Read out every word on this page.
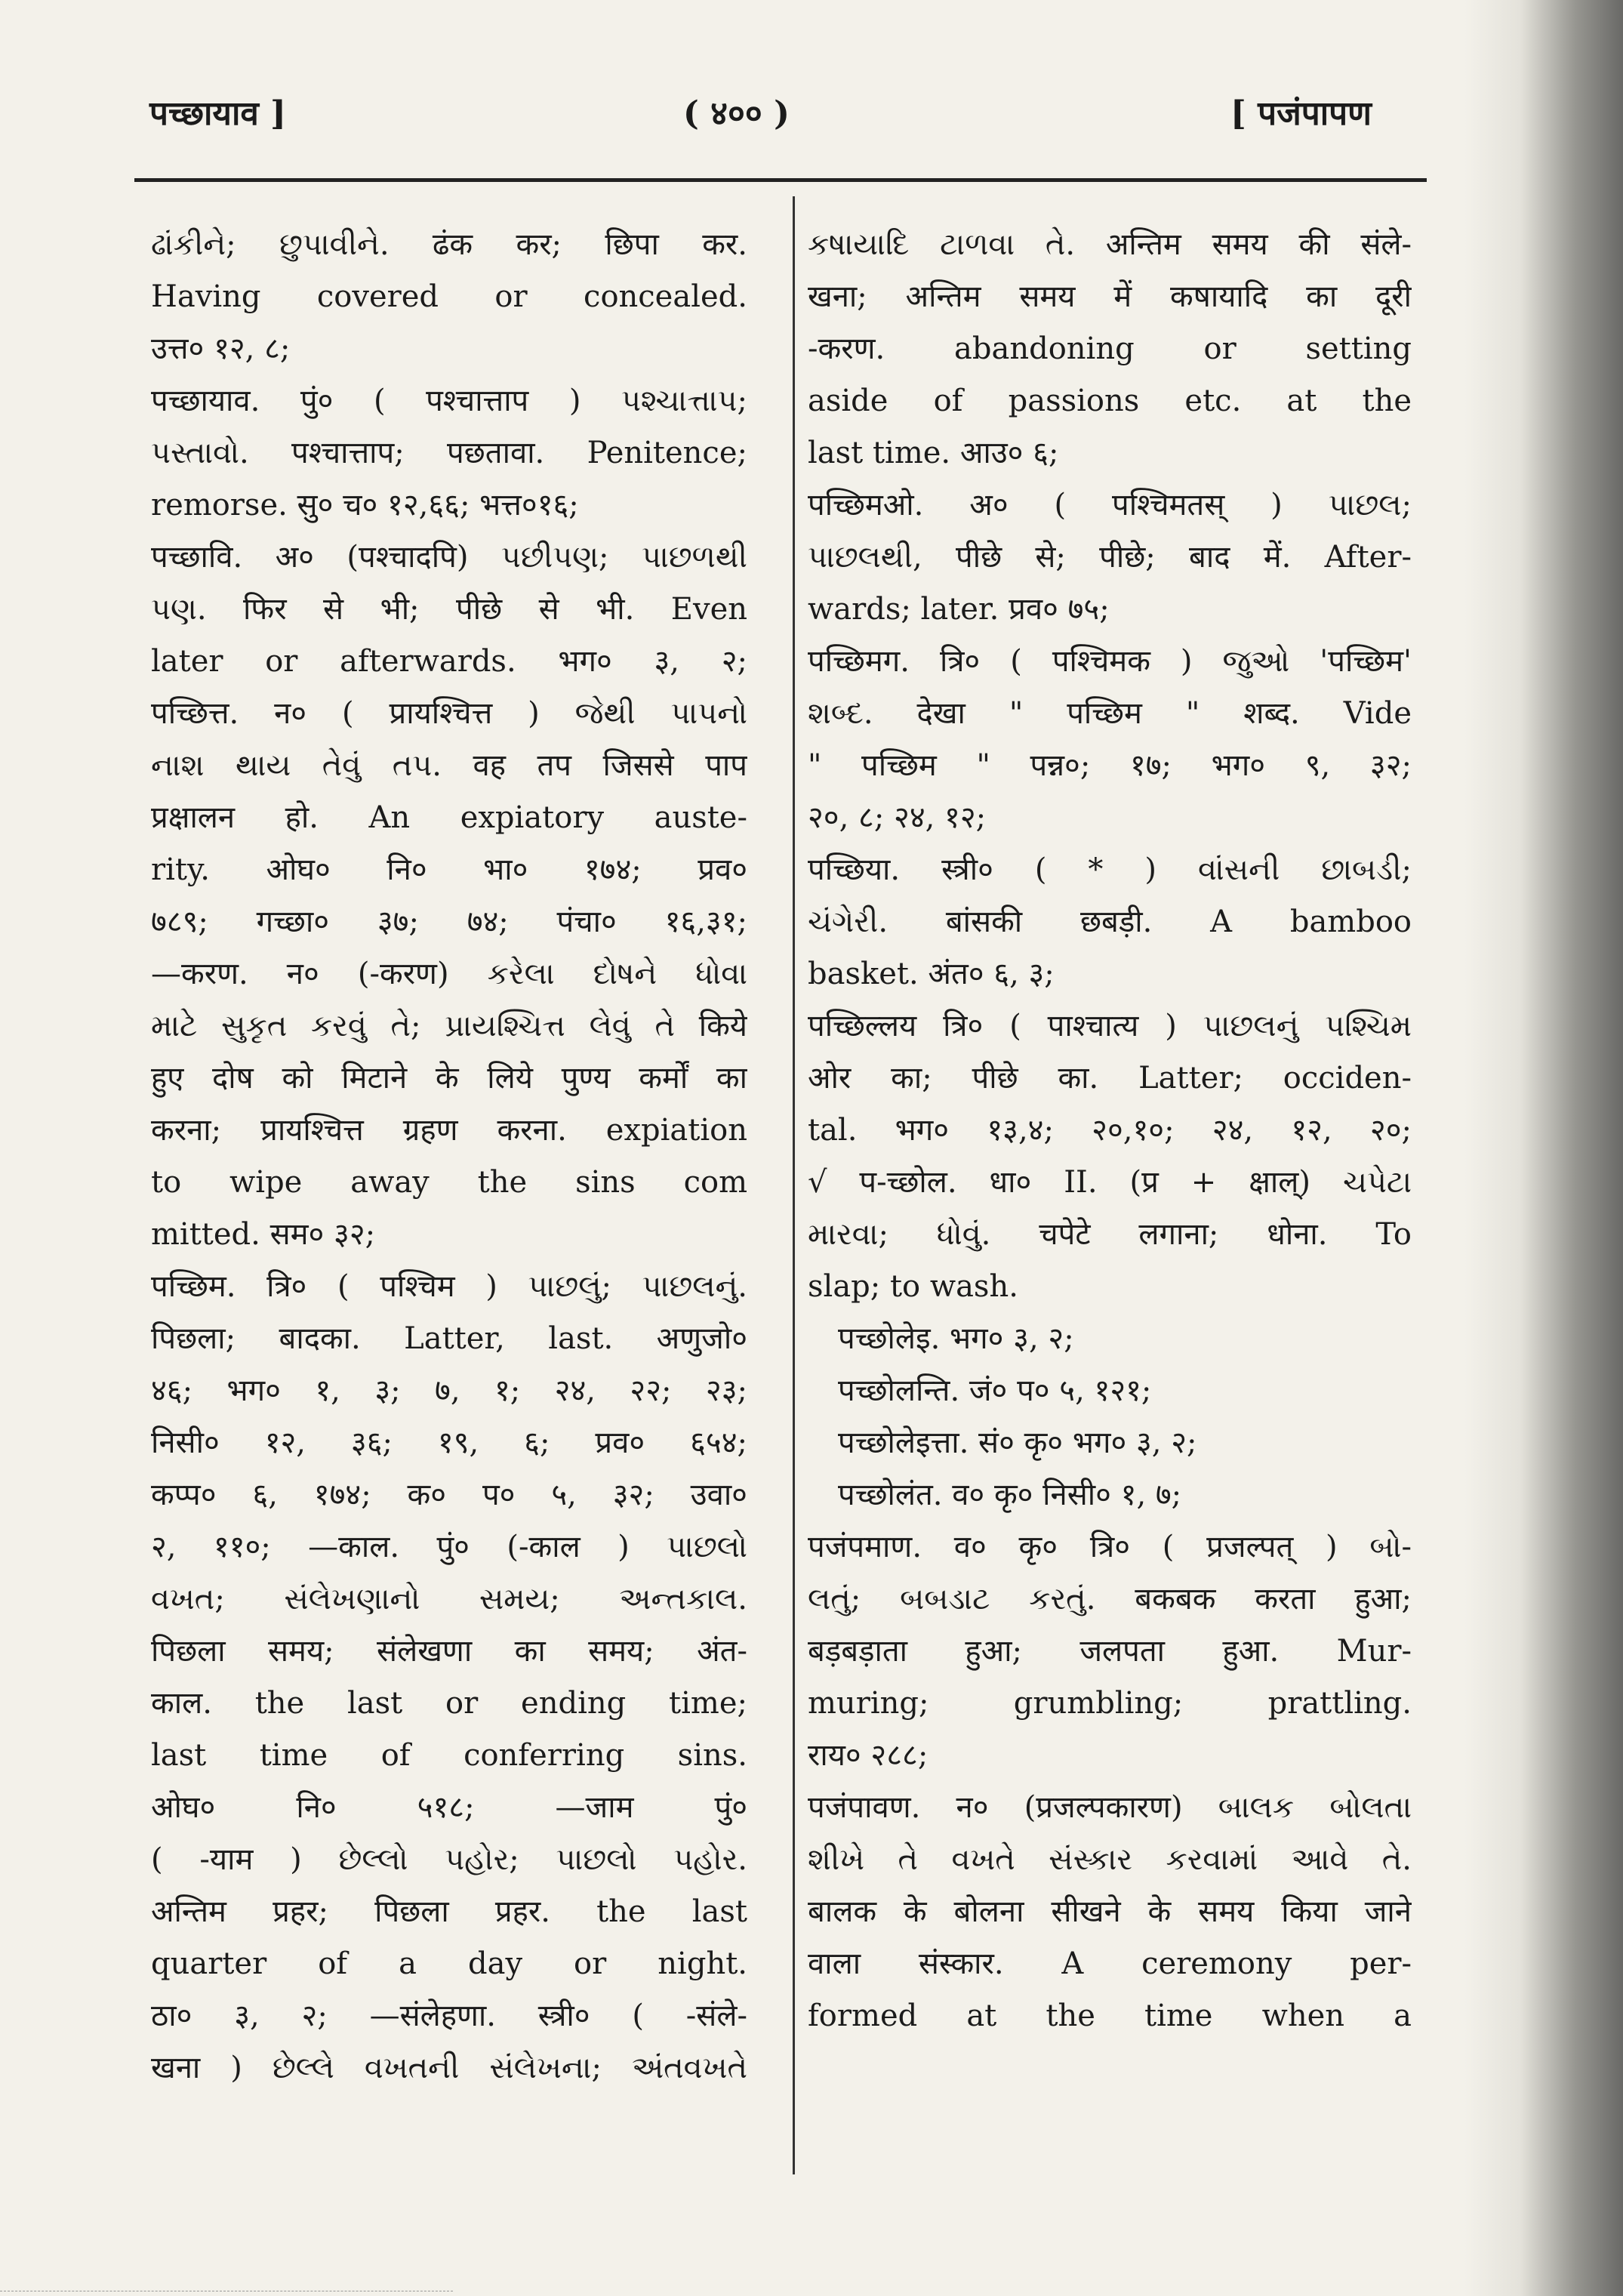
पच्छायाव ]	( ४०० )	[ पजंपापण
ઢાંકીને; છુપાવીને. ढंक कर; छिपा कर.
Having covered or concealed.
उत्त० १२, ८;
पच्छायाव. पुं० ( पश्चात्ताप ) પશ્ચાત્તાપ;
પસ્તાવો. पश्चात्ताप; पछतावा. Penitence;
remorse. सु० च० १२,६६; भत्त०१६;
पच्छावि. अ० (पश्चादपि) પછીપણ; પાછળથી
પણ. फिर से भी; पीछे से भी. Even
later or afterwards. भग० ३, २;
पच्छित्त. न० ( प्रायश्चित्त ) જેથી પાપનો
નાશ થાય તેવું તપ. वह तप जिससे पाप
प्रक्षालन हो. An expiatory auste-
rity. ओघ० नि० भा० १७४; प्रव०
७८९; गच्छा० ३७; ७४; पंचा० १६,३१;
—करण. न० (-करण) કરેલા દોષને ધોવા
માટે સુકૃત કરવું તે; પ્રાયશ્ચિત્ત લેવું તે किये
हुए दोष को मिटाने के लिये पुण्य कर्मों का
करना; प्रायश्चित्त ग्रहण करना. expiation
to wipe away the sins com
mitted. सम० ३२;
पच्छिम. त्रि० ( पश्चिम ) પાછલું; પાછલનું.
पिछला; बादका. Latter, last. अणुजो०
४६; भग० १, ३; ७, १; २४, २२; २३;
निसी० १२, ३६; १९, ६; प्रव० ६५४;
कप्प० ६, १७४; क० प० ५, ३२; उवा०
२, ११०; —काल. पुं० (-काल ) પાછલો
વખત; સંલેખણાનો સમય; અન્તકાલ.
पिछला समय; संलेखणा का समय; अंत-
काल. the last or ending time;
last time of conferring sins.
ओघ० नि० ५१८; —जाम पुं०
( -याम ) છેલ્લો પહોર; પાછલો પહોર.
अन्तिम प्रहर; पिछला प्रहर. the last
quarter of a day or night.
ठा० ३, २; —संलेहणा. स्त्री० ( -संले-
खना ) છેલ્લે વખતની સંલેખના; અંતવખતે
કષાયાદિ ટાળવા તે. अन्तिम समय की संले-
खना; अन्तिम समय में कषायादि का दूरी
-करण. abandoning or setting
aside of passions etc. at the
last time. आउ० ६;
पच्छिमओ. अ० ( पश्चिमतस् ) પાછલ;
પાછલથી, पीछे से; पीछे; बाद में. After-
wards; later. प्रव० ७५;
पच्छिमग. त्रि० ( पश्चिमक ) જુઓ 'पच्छिम'
શબ્દ. देखा " पच्छिम " शब्द. Vide
" पच्छिम " पन्न०; १७; भग० ९, ३२;
२०, ८; २४, १२;
पच्छिया. स्त्री० ( * ) વાંસની છાબડી;
ચંગેરી. बांसकी छबड़ी. A bamboo
basket. अंत० ६, ३;
पच्छिल्लय त्रि० ( पाश्चात्य ) પાછલનું પશ્ચિમ
ओर का; पीछे का. Latter; occiden-
tal. भग० १३,४; २०,१०; २४, १२, २०;
√ प-च्छोल. धा० II. (प्र + क्षाल्) ચપેટા
મારવા; ધોવું. चपेटे लगाना; धोना. To
slap; to wash.
पच्छोलेइ. भग० ३, २;
पच्छोलन्ति. जं० प० ५, १२१;
पच्छोलेइत्ता. सं० कृ० भग० ३, २;
पच्छोलंत. व० कृ० निसी० १, ७;
पजंपमाण. व० कृ० त्रि० ( प्रजल्पत् ) બો-
લતું; બબડાટ કરતું. बकबक करता हुआ;
बड़बड़ाता हुआ; जलपता हुआ. Mur-
muring; grumbling; prattling.
राय० २८८;
पजंपावण. न० (प्रजल्पकारण) બાલક બોલતા
શીખે તે વખતે સંસ્કાર કરવામાં આવે તે.
बालक के बोलना सीखने के समय किया जाने
वाला संस्कार. A ceremony per-
formed at the time when a
